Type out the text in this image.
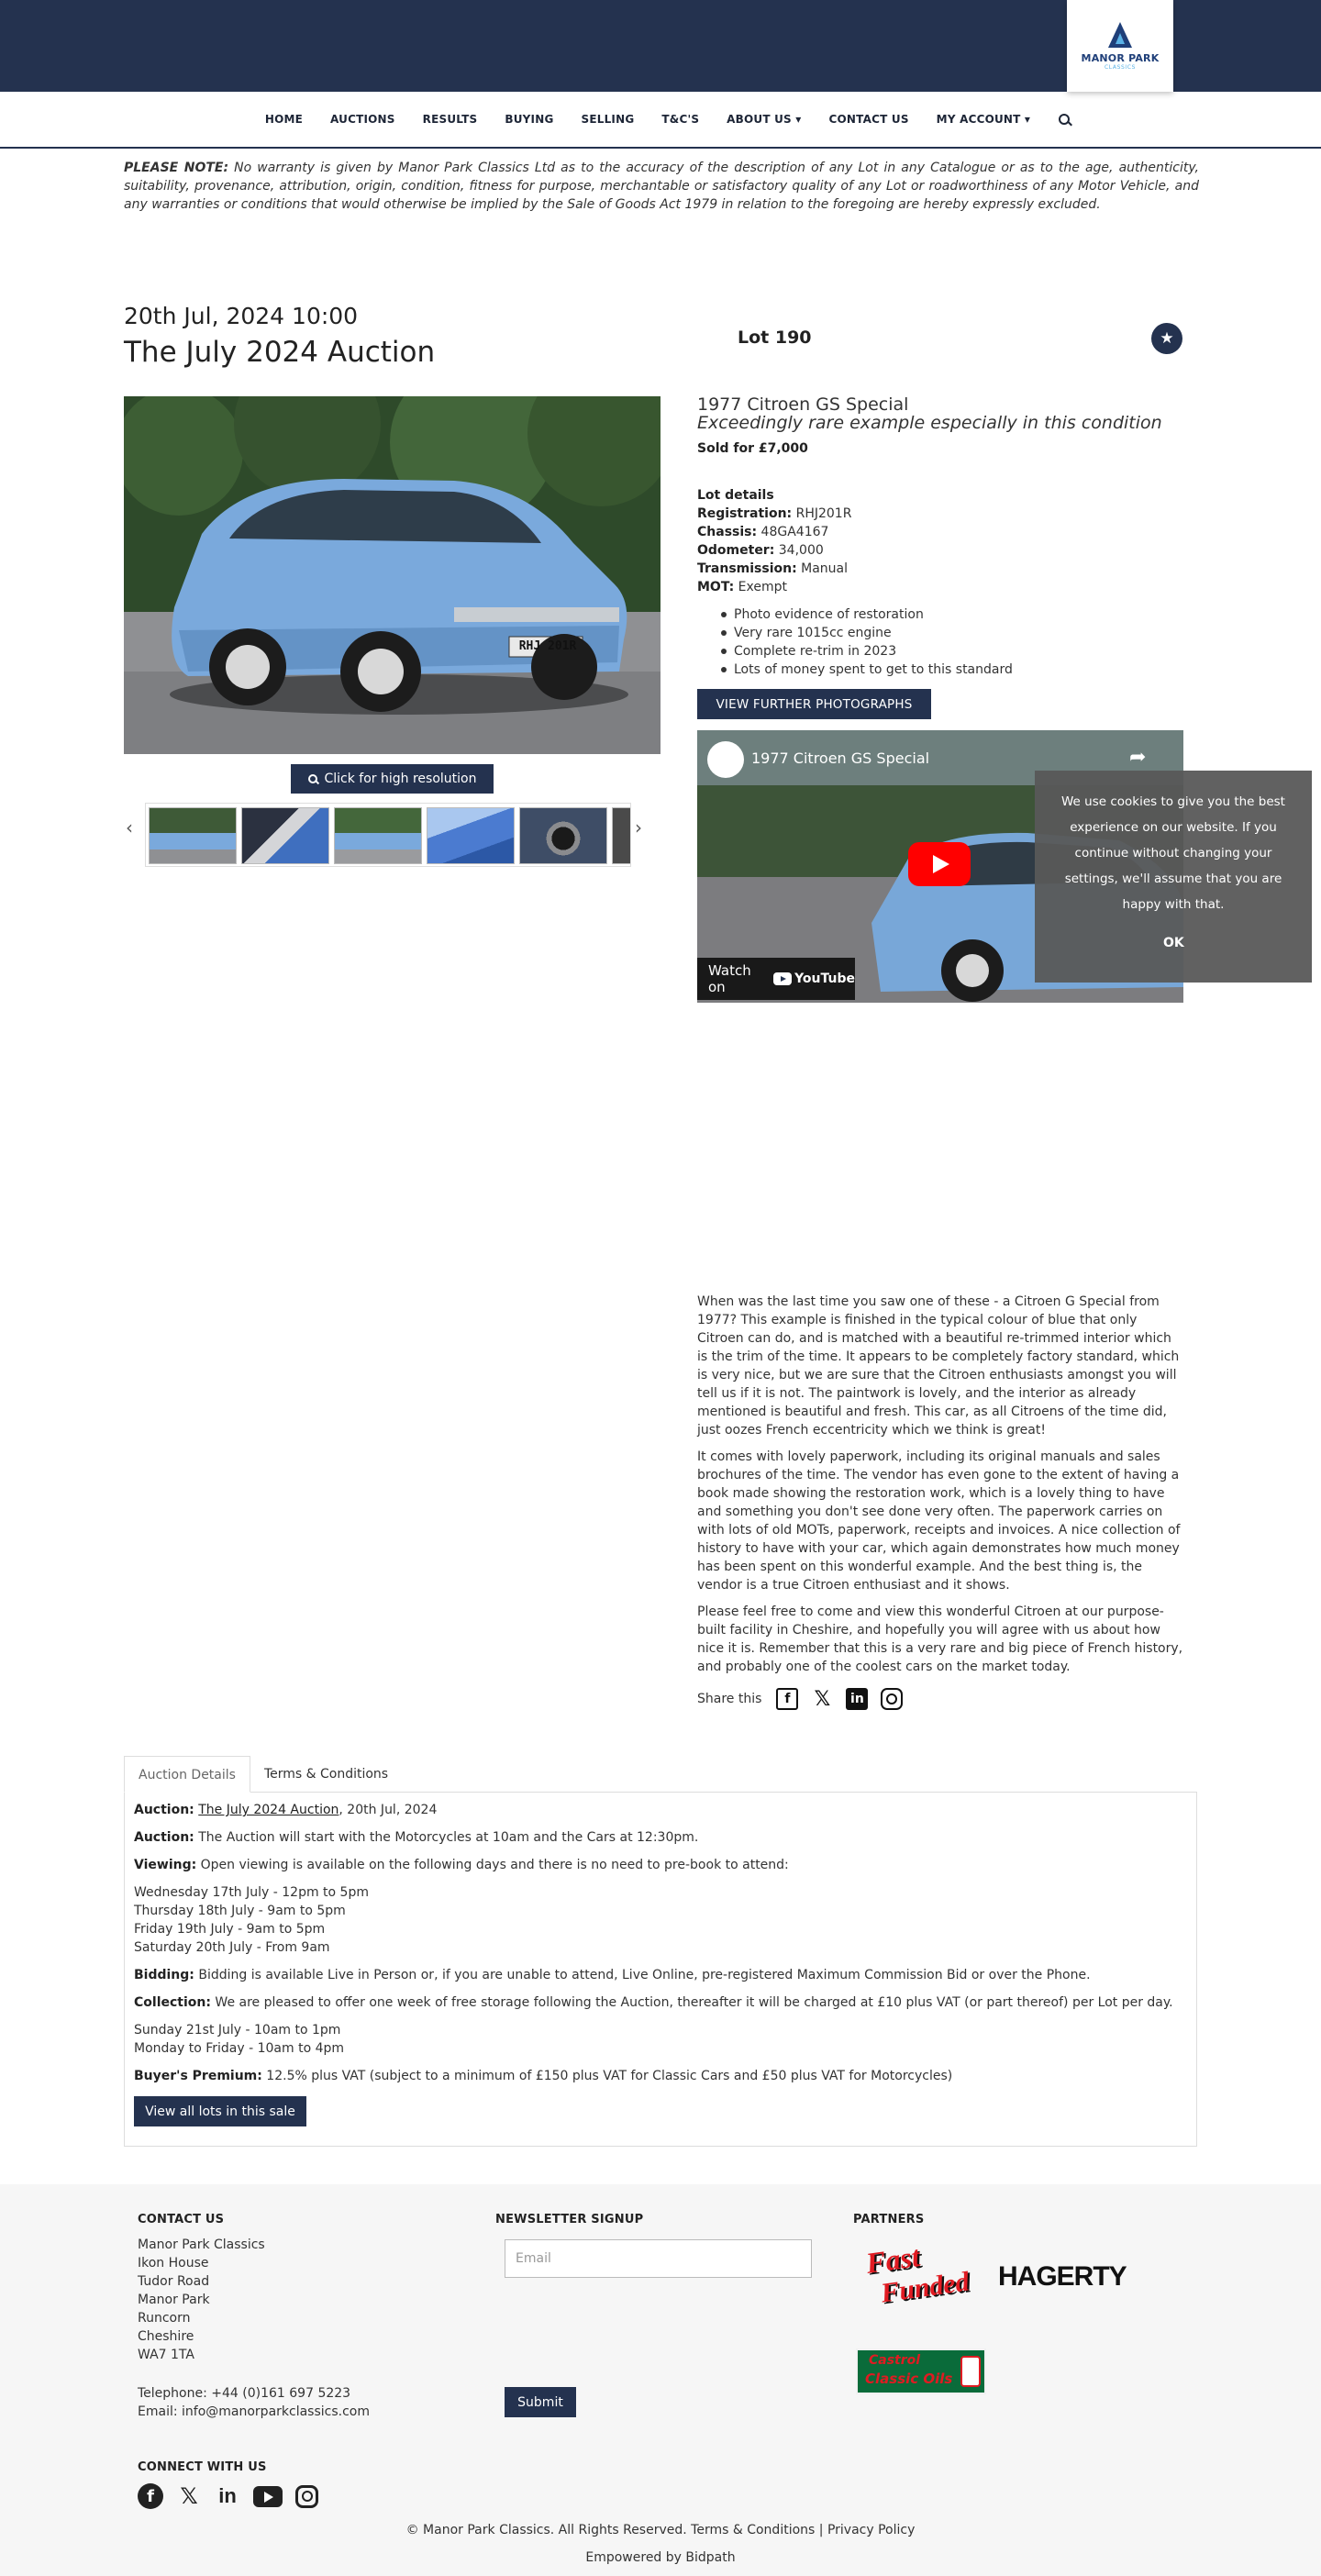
MANOR PARK
CLASSICS
HOME	AUCTIONS	RESULTS	BUYING	SELLING	T&C'S	ABOUT US ▾	CONTACT US	MY ACCOUNT ▾
PLEASE NOTE: No warranty is given by Manor Park Classics Ltd as to the accuracy of the description of any Lot in any Catalogue or as to the age, authenticity, suitability, provenance, attribution, origin, condition, fitness for purpose, merchantable or satisfactory quality of any Lot or roadworthiness of any Motor Vehicle, and any warranties or conditions that would otherwise be implied by the Sale of Goods Act 1979 in relation to the foregoing are hereby expressly excluded.
20th Jul, 2024 10:00
The July 2024 Auction	Lot 190	★
RHJ 201R
Click for high resolution
‹	›
1977 Citroen GS Special
Exceedingly rare example especially in this condition
Sold for £7,000
Lot details
Registration: RHJ201R
Chassis: 48GA4167
Odometer: 34,000
Transmission: Manual
MOT: Exempt
Photo evidence of restoration
Very rare 1015cc engine
Complete re-trim in 2023
Lots of money spent to get to this standard
VIEW FURTHER PHOTOGRAPHS
1977 Citroen GS Special	➦
Watch on	YouTube
We use cookies to give you the best experience on our website. If you continue without changing your settings, we'll assume that you are happy with that.
OK

When was the last time you saw one of these - a Citroen G Special from 1977? This example is finished in the typical colour of blue that only Citroen can do, and is matched with a beautiful re-trimmed interior which is the trim of the time. It appears to be completely factory standard, which is very nice, but we are sure that the Citroen enthusiasts amongst you will tell us if it is not. The paintwork is lovely, and the interior as already mentioned is beautiful and fresh. This car, as all Citroens of the time did, just oozes French eccentricity which we think is great!

It comes with lovely paperwork, including its original manuals and sales brochures of the time. The vendor has even gone to the extent of having a book made showing the restoration work, which is a lovely thing to have and something you don't see done very often. The paperwork carries on with lots of old MOTs, paperwork, receipts and invoices. A nice collection of history to have with your car, which again demonstrates how much money has been spent on this wonderful example. And the best thing is, the vendor is a true Citroen enthusiast and it shows.

Please feel free to come and view this wonderful Citroen at our purpose-built facility in Cheshire, and hopefully you will agree with us about how nice it is. Remember that this is a very rare and big piece of French history, and probably one of the coolest cars on the market today.

Share this	f	𝕏	in
Auction Details	Terms & Conditions

Auction: The July 2024 Auction, 20th Jul, 2024

Auction: The Auction will start with the Motorcycles at 10am and the Cars at 12:30pm.

Viewing: Open viewing is available on the following days and there is no need to pre-book to attend:

Wednesday 17th July - 12pm to 5pm
Thursday 18th July - 9am to 5pm
Friday 19th July - 9am to 5pm
Saturday 20th July - From 9am

Bidding: Bidding is available Live in Person or, if you are unable to attend, Live Online, pre-registered Maximum Commission Bid or over the Phone.

Collection: We are pleased to offer one week of free storage following the Auction, thereafter it will be charged at £10 plus VAT (or part thereof) per Lot per day.

Sunday 21st July - 10am to 1pm
Monday to Friday - 10am to 4pm

Buyer's Premium: 12.5% plus VAT (subject to a minimum of £150 plus VAT for Classic Cars and £50 plus VAT for Motorcycles)

View all lots in this sale
CONTACT US
Manor Park Classics
Ikon House
Tudor Road
Manor Park
Runcorn
Cheshire
WA7 1TA
Telephone: +44 (0)161 697 5223
Email: info@manorparkclassics.com
NEWSLETTER SIGNUP
Email
Submit
PARTNERS
Fast
Funded HAGERTY
Castrol
Classic Oils
CONNECT WITH US
f	𝕏 in
© Manor Park Classics. All Rights Reserved. Terms & Conditions | Privacy Policy
Empowered by Bidpath
